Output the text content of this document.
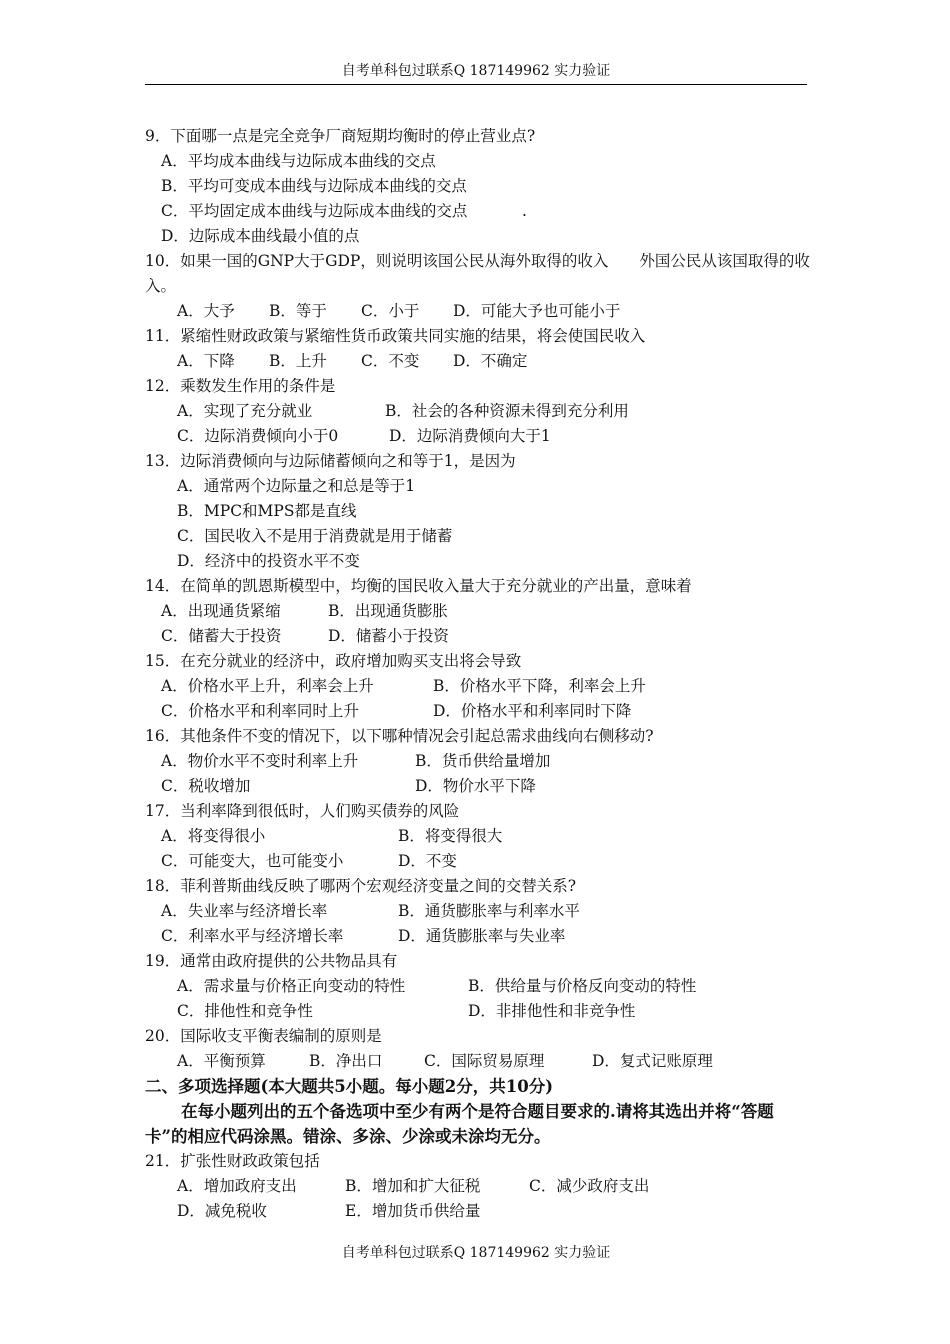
自考单科包过联系Q 187149962 实力验证
9．下面哪一点是完全竞争厂商短期均衡时的停止营业点?
A．平均成本曲线与边际成本曲线的交点
B．平均可变成本曲线与边际成本曲线的交点
C．平均固定成本曲线与边际成本曲线的交点	.
D．边际成本曲线最小值的点
10．如果一国的GNP大于GDP，则说明该国公民从海外取得的收入　　外国公民从该国取得的收入。
A．大予 B．等于 C．小于 D．可能大予也可能小于
11．紧缩性财政政策与紧缩性货币政策共同实施的结果，将会使国民收入
A．下降 B．上升 C．不变 D．不确定
12．乘数发生作用的条件是
A．实现了充分就业	B．社会的各种资源未得到充分利用
C．边际消费倾向小于0	D．边际消费倾向大于1
13．边际消费倾向与边际储蓄倾向之和等于1，是因为
A．通常两个边际量之和总是等于1
B．MPC和MPS都是直线
C．国民收入不是用于消费就是用于储蓄
D．经济中的投资水平不变
14．在简单的凯恩斯模型中，均衡的国民收入量大于充分就业的产出量，意味着
A．出现通货紧缩	B．出现通货膨胀
C．储蓄大于投资	D．储蓄小于投资
15．在充分就业的经济中，政府增加购买支出将会导致
A．价格水平上升，利率会上升	B．价格水平下降，利率会上升
C．价格水平和利率同时上升	D．价格水平和利率同时下降
16．其他条件不变的情况下，以下哪种情况会引起总需求曲线向右侧移动?
A．物价水平不变时利率上升	B．货币供给量增加
C．税收增加	D．物价水平下降
17．当利率降到很低时，人们购买债券的风险
A．将变得很小	B．将变得很大
C．可能变大，也可能变小	D．不变
18．菲利普斯曲线反映了哪两个宏观经济变量之间的交替关系?
A．失业率与经济增长率	B．通货膨胀率与利率水平
C．利率水平与经济增长率	D．通货膨胀率与失业率
19．通常由政府提供的公共物品具有
A．需求量与价格正向变动的特性	B．供给量与价格反向变动的特性
C．排他性和竞争性	D．非排他性和非竞争性
20．国际收支平衡表编制的原则是
A．平衡预算	B．净出口	C．国际贸易原理	D．复式记账原理
二、多项选择题(本大题共5小题。每小题2分，共10分)
在每小题列出的五个备选项中至少有两个是符合题目要求的.请将其选出并将“答题卡”的相应代码涂黑。错涂、多涂、少涂或未涂均无分。
21．扩张性财政政策包括
A．增加政府支出	B．增加和扩大征税	C．减少政府支出
D．减免税收	E．增加货币供给量
自考单科包过联系Q 187149962 实力验证
